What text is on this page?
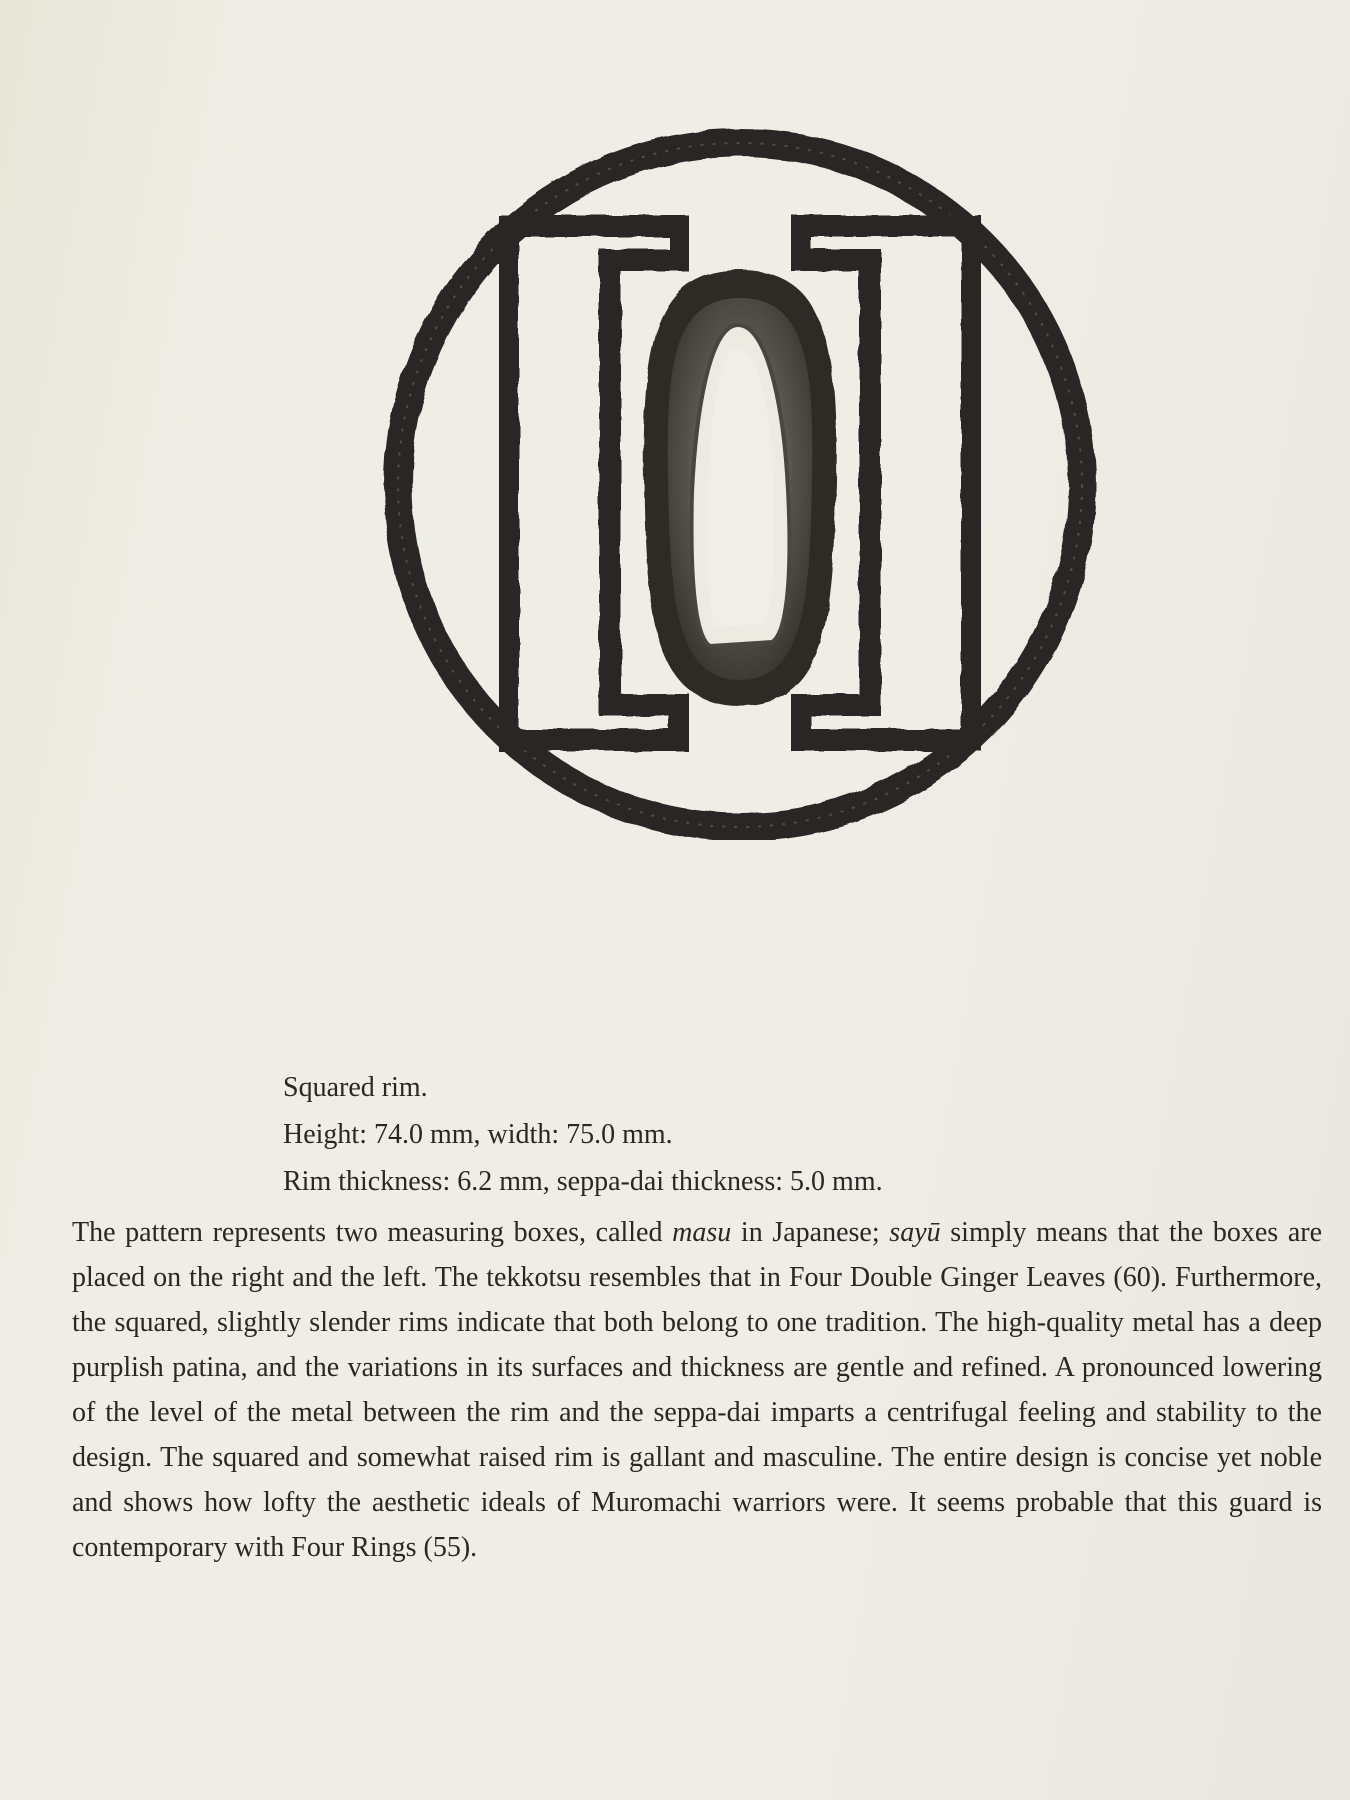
Squared rim.
Height: 74.0 mm, width: 75.0 mm.
Rim thickness: 6.2 mm, seppa-dai thickness: 5.0 mm.

The pattern represents two measuring boxes, called masu in Japanese; sayū simply means that the boxes are placed on the right and the left. The tekkotsu resembles that in Four Double Ginger Leaves (60). Furthermore, the squared, slightly slender rims indicate that both belong to one tradition. The high-quality metal has a deep purplish patina, and the variations in its surfaces and thickness are gentle and refined. A pronounced lowering of the level of the metal between the rim and the seppa-dai imparts a centrifugal feeling and stability to the design. The squared and somewhat raised rim is gallant and masculine. The entire design is concise yet noble and shows how lofty the aesthetic ideals of Muromachi warriors were. It seems probable that this guard is contemporary with Four Rings (55).
